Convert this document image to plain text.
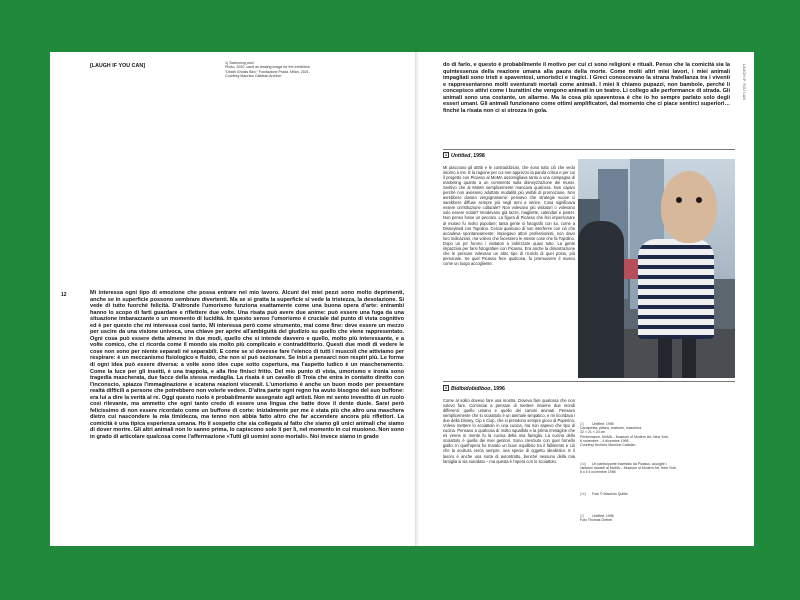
[LAUGH IF YOU CAN]	1) Swimming pool
Photo, 2020, used as leading image for the exhibition
“Death Ghosts Bird,” Fondazione Prada, Milan, 2021.
Courtesy Maurizio Cattelan Archive.
12	Mi interessa ogni tipo di emozione che possa entrare nel mio lavoro. Alcuni dei miei pezzi sono molto deprimenti, anche se in superficie possono sembrare divertenti. Ma se si gratta la superficie si vede la tristezza, la desolazione. Si vede di tutto fuorché felicità. D'altronde l'umorismo funziona esattamente come una buona opera d'arte: entrambi hanno lo scopo di farti guardare e riflettere due volte. Una risata può avere due anime: può essere una fuga da una situazione imbarazzante o un momento di lucidità. In questo senso l'umorismo è cruciale dal punto di vista cognitivo ed è per questo che mi interessa così tanto. Mi interessa però come strumento, mai come fine: deve essere un mezzo per uscire da una visione univoca, una chiave per aprire all'ambiguità del giudizio su quello che viene rappresentato. Ogni cosa può essere detta almeno in due modi, quello che si intende davvero e quello, molto più interessante, e a volte comico, che ci ricorda come il mondo sia molto più complicato e contraddittorio. Questi due modi di vedere le cose non sono per niente separati né separabili. E come se si dovesse fare l'elenco di tutti i muscoli che attiviamo per respirare: è un meccanismo fisiologico e fluido, che non si può sezionare. Se inizi a pensarci non respiri più. Le forme di ogni idea può essere diversa: a volte sono idee cupe sotto copertura, ma l'aspetto ludico è un mascheramento. Come la luce per gli insetti, è una trappola, e alla fine finisci fritto. Del mio punto di vista, umorismo e ironia sono tragedia mascherata, due facce della stessa medaglia. La risata è un cavallo di Troia che entra in contatto diretto con l'inconscio, spiazza l'immaginazione e scatena reazioni viscerali. L'umorismo è anche un buon modo per presentare realtà difficili a persone che potrebbero non volerle vedere. D'altra parte ogni regno ha avuto bisogno del suo buffone: era lui a dire la verità al re. Oggi questo ruolo è probabilmente assegnato agli artisti. Non mi sento investito di un ruolo così rilevante, ma ammetto che ogni tanto credo di essere una lingua che batte dove il dente duole. Sarei però felicissimo di non essere ricordato come un buffone di corte: inizialmente per me è stata più che altro una maschera dietro cui nascondere la mia timidezza, ma tenno non abbia fatto altro che far accendere ancora più riflettori. La comicità è una tipica esperienza umana. Ho il sospetto che sia collegata al fatto che siamo gli unici animali che siamo di dover morire. Gli altri animali non lo sanno prima, lo capiscono solo lì per lì, nel momento in cui muoiono. Non sono in grado di articolare qualcosa come l'affermazione «Tutti gli uomini sono mortali». Noi invece siamo in grado
LAUGH IF YOU CAN
do di farlo, e questo è probabilmente il motivo per cui ci sono religioni e rituali. Penso che la comicità sia la quintessenza della reazione umana alla paura della morte. Come molti altri miei lavori, i miei animali impagliati sono tristi e spaventosi, umoristici e tragici. I Greci conoscevano la strana fratellanza tra i viventi e rappresentarono molti sventurati mortali come animali. I miei li chiamo pupazzi, non bambole, perché li concepisco attivi come i burattini che vengono animati in un teatro. Li collego alle performance di strada. Gli animali sono una costante, un allarme. Ma la cosa più spaventosa è che io ho sempre parlato solo degli esseri umani. Gli animali funzionano come ottimi amplificatori, dal momento che ci piace sentirci superiori… finché la risata non ci si strozza in gola.
1 Untitled, 1998
Mi piacciono gli attriti e le contraddizioni, che sono tutto ciò che vedo intorno a me. E la ragione per cui non apprezzo la parola critica e per cui il progetto con Picasso al MoMA assomigliava tanto a una campagna di marketing quanto a un commento sulla disneyzzazione dei musei. Sentivo che al MoMA semplicemente mancava qualcosa. Non capivo perché non avessero adottato modalità più visibili di promozione. Non avrebbero dovuto vergognarsene: pensavo che strategie nuove ci sarebbero diffuse sempre più negli anni a venire. Cosa significava essere un'istituzione culturale? Non volevano più visitatori o volevano solo essere notati? Vendevano già tazze, magliette, calendari e poster. Non penso fosse un peccato. La figura di Picasso che feci impersonare al museo fu molto popolare; tanta gente si fotografò con lui, come a Disneyland con Topolino. Cercai qualcuno di non interferire con ciò che accadeva spontaneamente: impiegavo attori professionisti, non davo loro indicazioni, ma volevo che facessero le stesse cose che fa Topolino. Dopo un po' furono i visitatori a indirizzare quasi tutto. La gente impazziva per farsi fotografare con Picasso. Era anche la dimostrazione che le persone volevano un altro tipo di ricordo di quel posto, più personale. Se quel Picasso fece qualcosa, fu promuovere il museo come un luogo accogliente.
2 Bidibidobidiboo, 1996
Come al solito dovevo fare una mostra. Dovevo fare qualcosa che non volevo fare. Cominciai a pensare di mettere insieme due mondi differenti: quello umano e quello dei cartoni animati. Pensavo semplicemente che lo scoiattolo è un animale simpatico, e mi ricordava i due della Disney, Cip e Ciop, che si prendono sempre gioco di Paperino. Volevo mettere lo scoiattolo in una cucina, ma non sapevo che tipo di cucina. Pensavo a qualcosa di molto squallido e la prima immagine che mi venne in mente fu la cucina della mia famiglia. La cucina dello scoiattolo è quella dei miei genitori. Sono cresciuto con quel fornello giallo. In quell'opera ho trovato un buon equilibrio tra il fallimento e ciò che la scultura cerca sempre, una specie di oggetto idealistico. E il lavoro è anche una sorta di autoritratto, benché nessuno della mia famiglia si sia suicidato – ma questa è l'opera con lo scoiattolo.
[1] Untitled, 1998
Cartapesta, pittura, costume, maschera
32 × 21 × 24 cm
Performance, MoMA – Museum of Modern Art, New York,
6 novembre – 4 dicembre 1998
Courtesy Archivio Maurizio Cattelan
[1a] Un partecipante travestito da Picasso, accoglie i
visitatori davanti al MoMA – Museum of Modern Art, New York,
6 o il 4 novembre 1998
[1b] Foto © Maurizio Quiller
[2] Untitled, 1998
Foto Thomas Grebel
